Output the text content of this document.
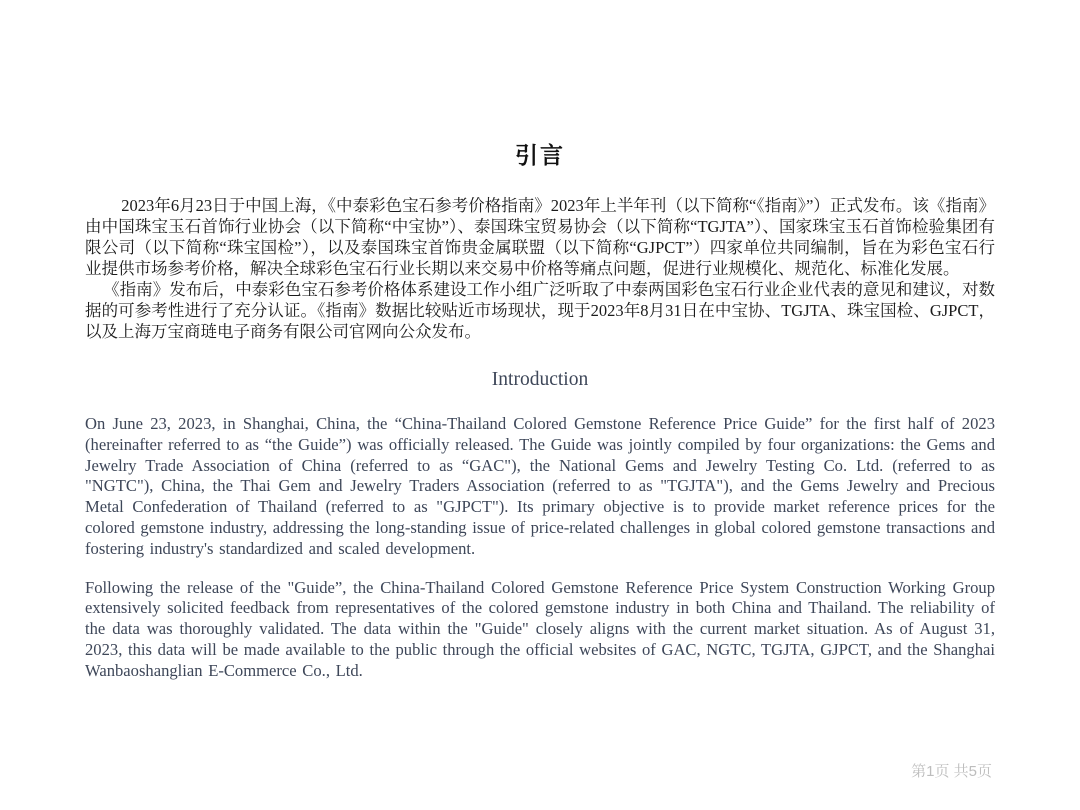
引言

2023年6月23日于中国上海，《中泰彩色宝石参考价格指南》2023年上半年刊（以下简称“《指南》”）正式发布。该《指南》由中国珠宝玉石首饰行业协会（以下简称“中宝协”）、泰国珠宝贸易协会（以下简称“TGJTA”）、国家珠宝玉石首饰检验集团有限公司（以下简称“珠宝国检”），以及泰国珠宝首饰贵金属联盟（以下简称“GJPCT”）四家单位共同编制，旨在为彩色宝石行业提供市场参考价格，解决全球彩色宝石行业长期以来交易中价格等痛点问题，促进行业规模化、规范化、标准化发展。

《指南》发布后，中泰彩色宝石参考价格体系建设工作小组广泛听取了中泰两国彩色宝石行业企业代表的意见和建议，对数据的可参考性进行了充分认证。《指南》数据比较贴近市场现状，现于2023年8月31日在中宝协、TGJTA、珠宝国检、GJPCT，以及上海万宝商琏电子商务有限公司官网向公众发布。

Introduction

On June 23, 2023, in Shanghai, China, the “China-Thailand Colored Gemstone Reference Price Guide” for the first half of 2023 (hereinafter referred to as “the Guide”) was officially released. The Guide was jointly compiled by four organizations: the Gems and Jewelry Trade Association of China (referred to as “GAC"), the National Gems and Jewelry Testing Co. Ltd. (referred to as "NGTC"), China, the Thai Gem and Jewelry Traders Association (referred to as "TGJTA"), and the Gems Jewelry and Precious Metal Confederation of Thailand (referred to as "GJPCT"). Its primary objective is to provide market reference prices for the colored gemstone industry, addressing the long-standing issue of price-related challenges in global colored gemstone transactions and fostering industry's standardized and scaled development.

Following the release of the "Guide”, the China-Thailand Colored Gemstone Reference Price System Construction Working Group extensively solicited feedback from representatives of the colored gemstone industry in both China and Thailand. The reliability of the data was thoroughly validated. The data within the "Guide" closely aligns with the current market situation. As of August 31, 2023, this data will be made available to the public through the official websites of GAC, NGTC, TGJTA, GJPCT, and the Shanghai Wanbaoshanglian E-Commerce Co., Ltd.

第1页 共5页
